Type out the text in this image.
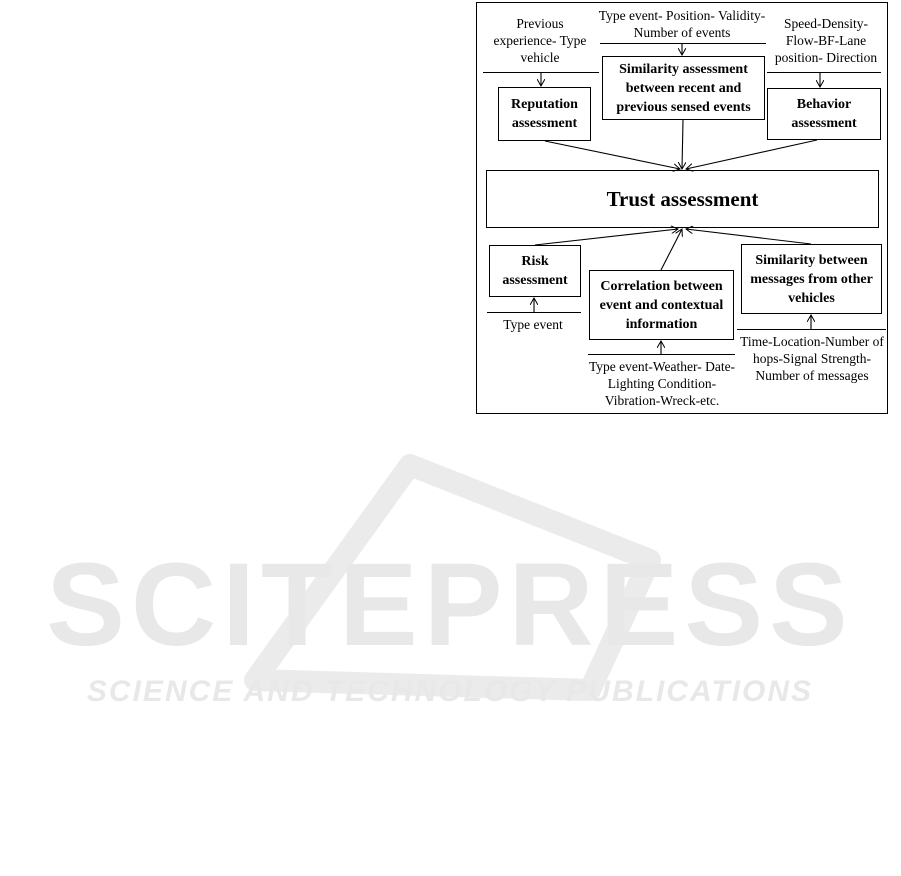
SCITEPRESS
SCIENCE AND TECHNOLOGY PUBLICATIONS
Previous experience- Type vehicle
Type event- Position- Validity-Number of events
Speed-Density- Flow-BF-Lane position- Direction
Reputation assessment
Similarity assessment between recent and previous sensed events	Behavior assessment
Trust assessment
Risk assessment	Correlation between event and contextual information
Similarity between messages from other vehicles
Type event
Type event-Weather- Date-Lighting Condition- Vibration-Wreck-etc.
Time-Location-Number of hops-Signal Strength- Number of messages
